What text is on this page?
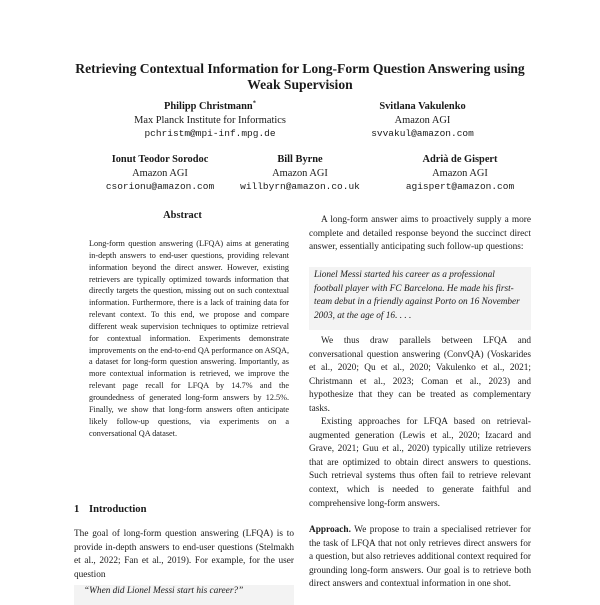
Retrieving Contextual Information for Long-Form Question Answering using Weak Supervision
Philipp Christmann*
Max Planck Institute for Informatics
pchristm@mpi-inf.mpg.de
Svitlana Vakulenko
Amazon AGI
svvakul@amazon.com
Ionut Teodor Sorodoc
Amazon AGI
csorionu@amazon.com
Bill Byrne
Amazon AGI
willbyrn@amazon.co.uk
Adrià de Gispert
Amazon AGI
agispert@amazon.com
Abstract
Long-form question answering (LFQA) aims at generating in-depth answers to end-user questions, providing relevant information beyond the direct answer. However, existing retrievers are typically optimized towards information that directly targets the question, missing out on such contextual information. Furthermore, there is a lack of training data for relevant context. To this end, we propose and compare different weak supervision techniques to optimize retrieval for contextual information. Experiments demonstrate improvements on the end-to-end QA performance on ASQA, a dataset for long-form question answering. Importantly, as more contextual information is retrieved, we improve the relevant page recall for LFQA by 14.7% and the groundedness of generated long-form answers by 12.5%. Finally, we show that long-form answers often anticipate likely follow-up questions, via experiments on a conversational QA dataset.
1 Introduction
The goal of long-form question answering (LFQA) is to provide in-depth answers to end-user questions (Stelmakh et al., 2022; Fan et al., 2019). For example, for the user question
“When did Lionel Messi start his career?”
A long-form answer aims to proactively supply a more complete and detailed response beyond the succinct direct answer, essentially anticipating such follow-up questions:
Lionel Messi started his career as a professional football player with FC Barcelona. He made his first-team debut in a friendly against Porto on 16 November 2003, at the age of 16. . . .
We thus draw parallels between LFQA and conversational question answering (ConvQA) (Voskarides et al., 2020; Qu et al., 2020; Vakulenko et al., 2021; Christmann et al., 2023; Coman et al., 2023) and hypothesize that they can be treated as complementary tasks.
Existing approaches for LFQA based on retrieval-augmented generation (Lewis et al., 2020; Izacard and Grave, 2021; Guu et al., 2020) typically utilize retrievers that are optimized to obtain direct answers to questions. Such retrieval systems thus often fail to retrieve relevant context, which is needed to generate faithful and comprehensive long-form answers.
Approach. We propose to train a specialised retriever for the task of LFQA that not only retrieves direct answers for a question, but also retrieves additional context required for grounding long-form answers. Our goal is to retrieve both direct answers and contextual information in one shot.
